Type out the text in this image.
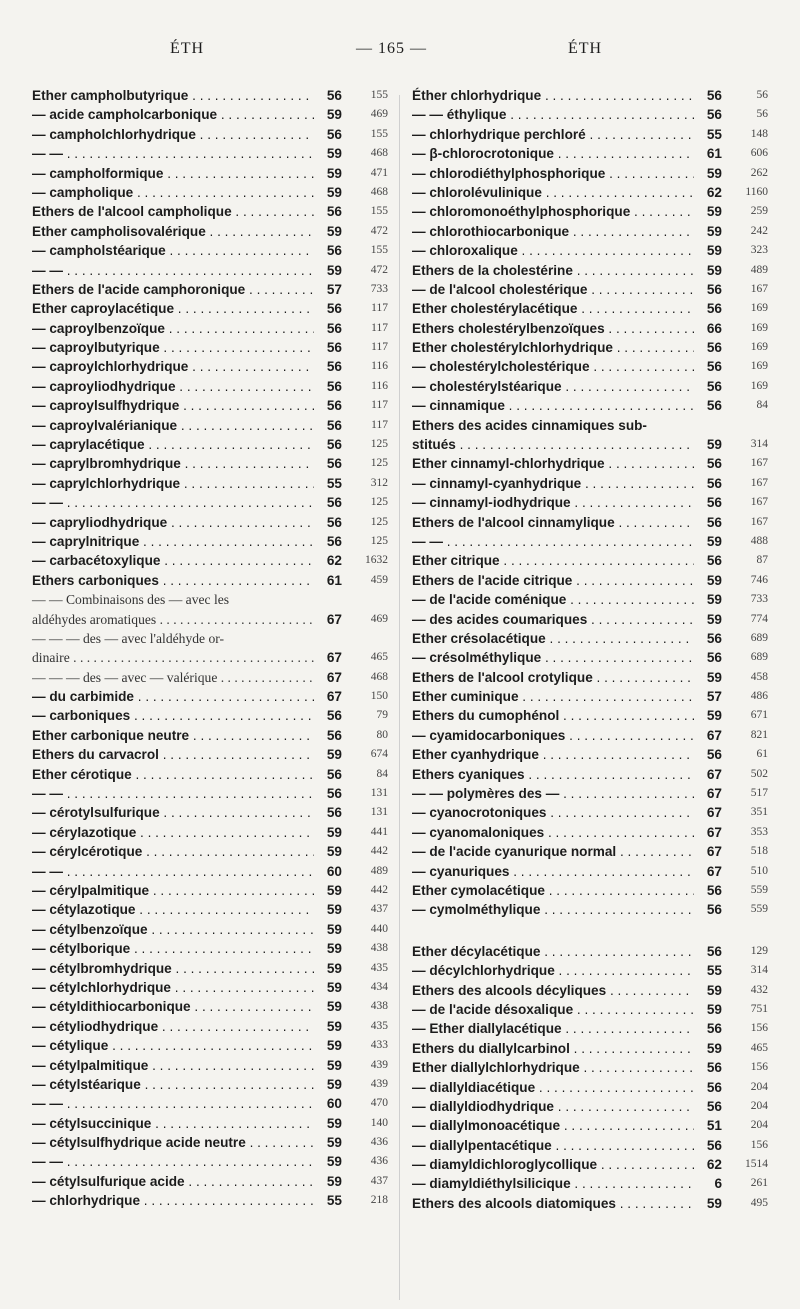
ÉTH	— 165 —	ÉTH
Ether campholbutyrique . . .	56	155
— acide campholcarbonique . . .	59	469
— campholchlorhydrique . . .	56	155
— — . . .	59	468
— campholformique . . .	59	471
— campholique . . .	59	468
Ethers de l'alcool campholique . . .	56	155
Ether campholisovalérique . . .	59	472
— campholstéarique . . .	56	155
— — . . .	59	472
Ethers de l'acide camphoronique . . .	57	733
Ether caproylacétique . . .	56	117
— caproylbenzoïque . . .	56	117
— caproylbutyrique . . .	56	117
— caproylchlorhydrique . . .	56	116
— caproyliodhydrique . . .	56	116
— caproylsulfhydrique . . .	56	117
— caproylvalérianique . . .	56	117
— caprylacétique . . .	56	125
— caprylbromhydrique . . .	56	125
— caprylchlorhydrique . . .	55	312
— — . . .	56	125
— capryliodhydrique . . .	56	125
— caprylnitrique . . .	56	125
— carbacétoxylique . . .	62	1632
Ethers carboniques . . .	61	459
— — Combinaisons des — avec les
aldéhydes aromatiques . . .	67	469
— — — des — avec l'aldéhyde or-
dinaire . . .	67	465
— — — des — avec — valérique . . .	67	468
— du carbimide . . .	67	150
— carboniques . . .	56	79
Ether carbonique neutre . . .	56	80
Ethers du carvacrol . . .	59	674
Ether cérotique . . .	56	84
— — . . .	56	131
— cérotylsulfurique . . .	56	131
— cérylazotique . . .	59	441
— cérylcérotique . . .	59	442
— — . . .	60	489
— cérylpalmitique . . .	59	442
— cétylazotique . . .	59	437
— cétylbenzoïque . . .	59	440
— cétylborique . . .	59	438
— cétylbromhydrique . . .	59	435
— cétylchlorhydrique . . .	59	434
— cétyldithiocarbonique . . .	59	438
— cétyliodhydrique . . .	59	435
— cétylique . . .	59	433
— cétylpalmitique . . .	59	439
— cétylstéarique . . .	59	439
— — . . .	60	470
— cétylsuccinique . . .	59	140
— cétylsulfhydrique acide neutre . . .	59	436
— — . . .	59	436
— cétylsulfurique acide . . .	59	437
— chlorhydrique . . .	55	218
Éther chlorhydrique . . .	56	56
— — éthylique . . .	56	56
— chlorhydrique perchloré . . .	55	148
— β-chlorocrotonique . . .	61	606
— chlorodiéthylphosphorique . . .	59	262
— chlorolévulinique . . .	62	1160
— chloromonoéthylphosphorique . . .	59	259
— chlorothiocarbonique . . .	59	242
— chloroxalique . . .	59	323
Ethers de la cholestérine . . .	59	489
— de l'alcool cholestérique . . .	56	167
Ether cholestérylacétique . . .	56	169
Ethers cholestérylbenzoïques . . .	66	169
Ether cholestérylchlorhydrique . . .	56	169
— cholestérylcholestérique . . .	56	169
— cholestérylstéarique . . .	56	169
— cinnamique . . .	56	84
Ethers des acides cinnamiques sub-
stitués . . .	59	314
Ether cinnamyl-chlorhydrique . . .	56	167
— cinnamyl-cyanhydrique . . .	56	167
— cinnamyl-iodhydrique . . .	56	167
Ethers de l'alcool cinnamylique . . .	56	167
— — . . .	59	488
Ether citrique . . .	56	87
Ethers de l'acide citrique . . .	59	746
— de l'acide coménique . . .	59	733
— des acides coumariques . . .	59	774
Ether crésolacétique . . .	56	689
— crésolméthylique . . .	56	689
Ethers de l'alcool crotylique . . .	59	458
Ether cuminique . . .	57	486
Ethers du cumophénol . . .	59	671
— cyamidocarboniques . . .	67	821
Ether cyanhydrique . . .	56	61
Ethers cyaniques . . .	67	502
— — polymères des — . . .	67	517
— cyanocrotoniques . . .	67	351
— cyanomaloniques . . .	67	353
— de l'acide cyanurique normal . . .	67	518
— cyanuriques . . .	67	510
Ether cymolacétique . . .	56	559
— cymolméthylique . . .	56	559
Ether décylacétique . . .	56	129
— décylchlorhydrique . . .	55	314
Ethers des alcools décyliques . . .	59	432
— de l'acide désoxalique . . .	59	751
— Ether diallylacétique . . .	56	156
Ethers du diallylcarbinol . . .	59	465
Ether diallylchlorhydrique . . .	56	156
— diallyldiacétique . . .	56	204
— diallyldiodhydrique . . .	56	204
— diallylmonoacétique . . .	51	204
— diallylpentacétique . . .	56	156
— diamyldichloroglycollique . . .	62	1514
— diamyldiéthylsilicique . . .	6	261
Ethers des alcools diatomiques . . .	59	495
